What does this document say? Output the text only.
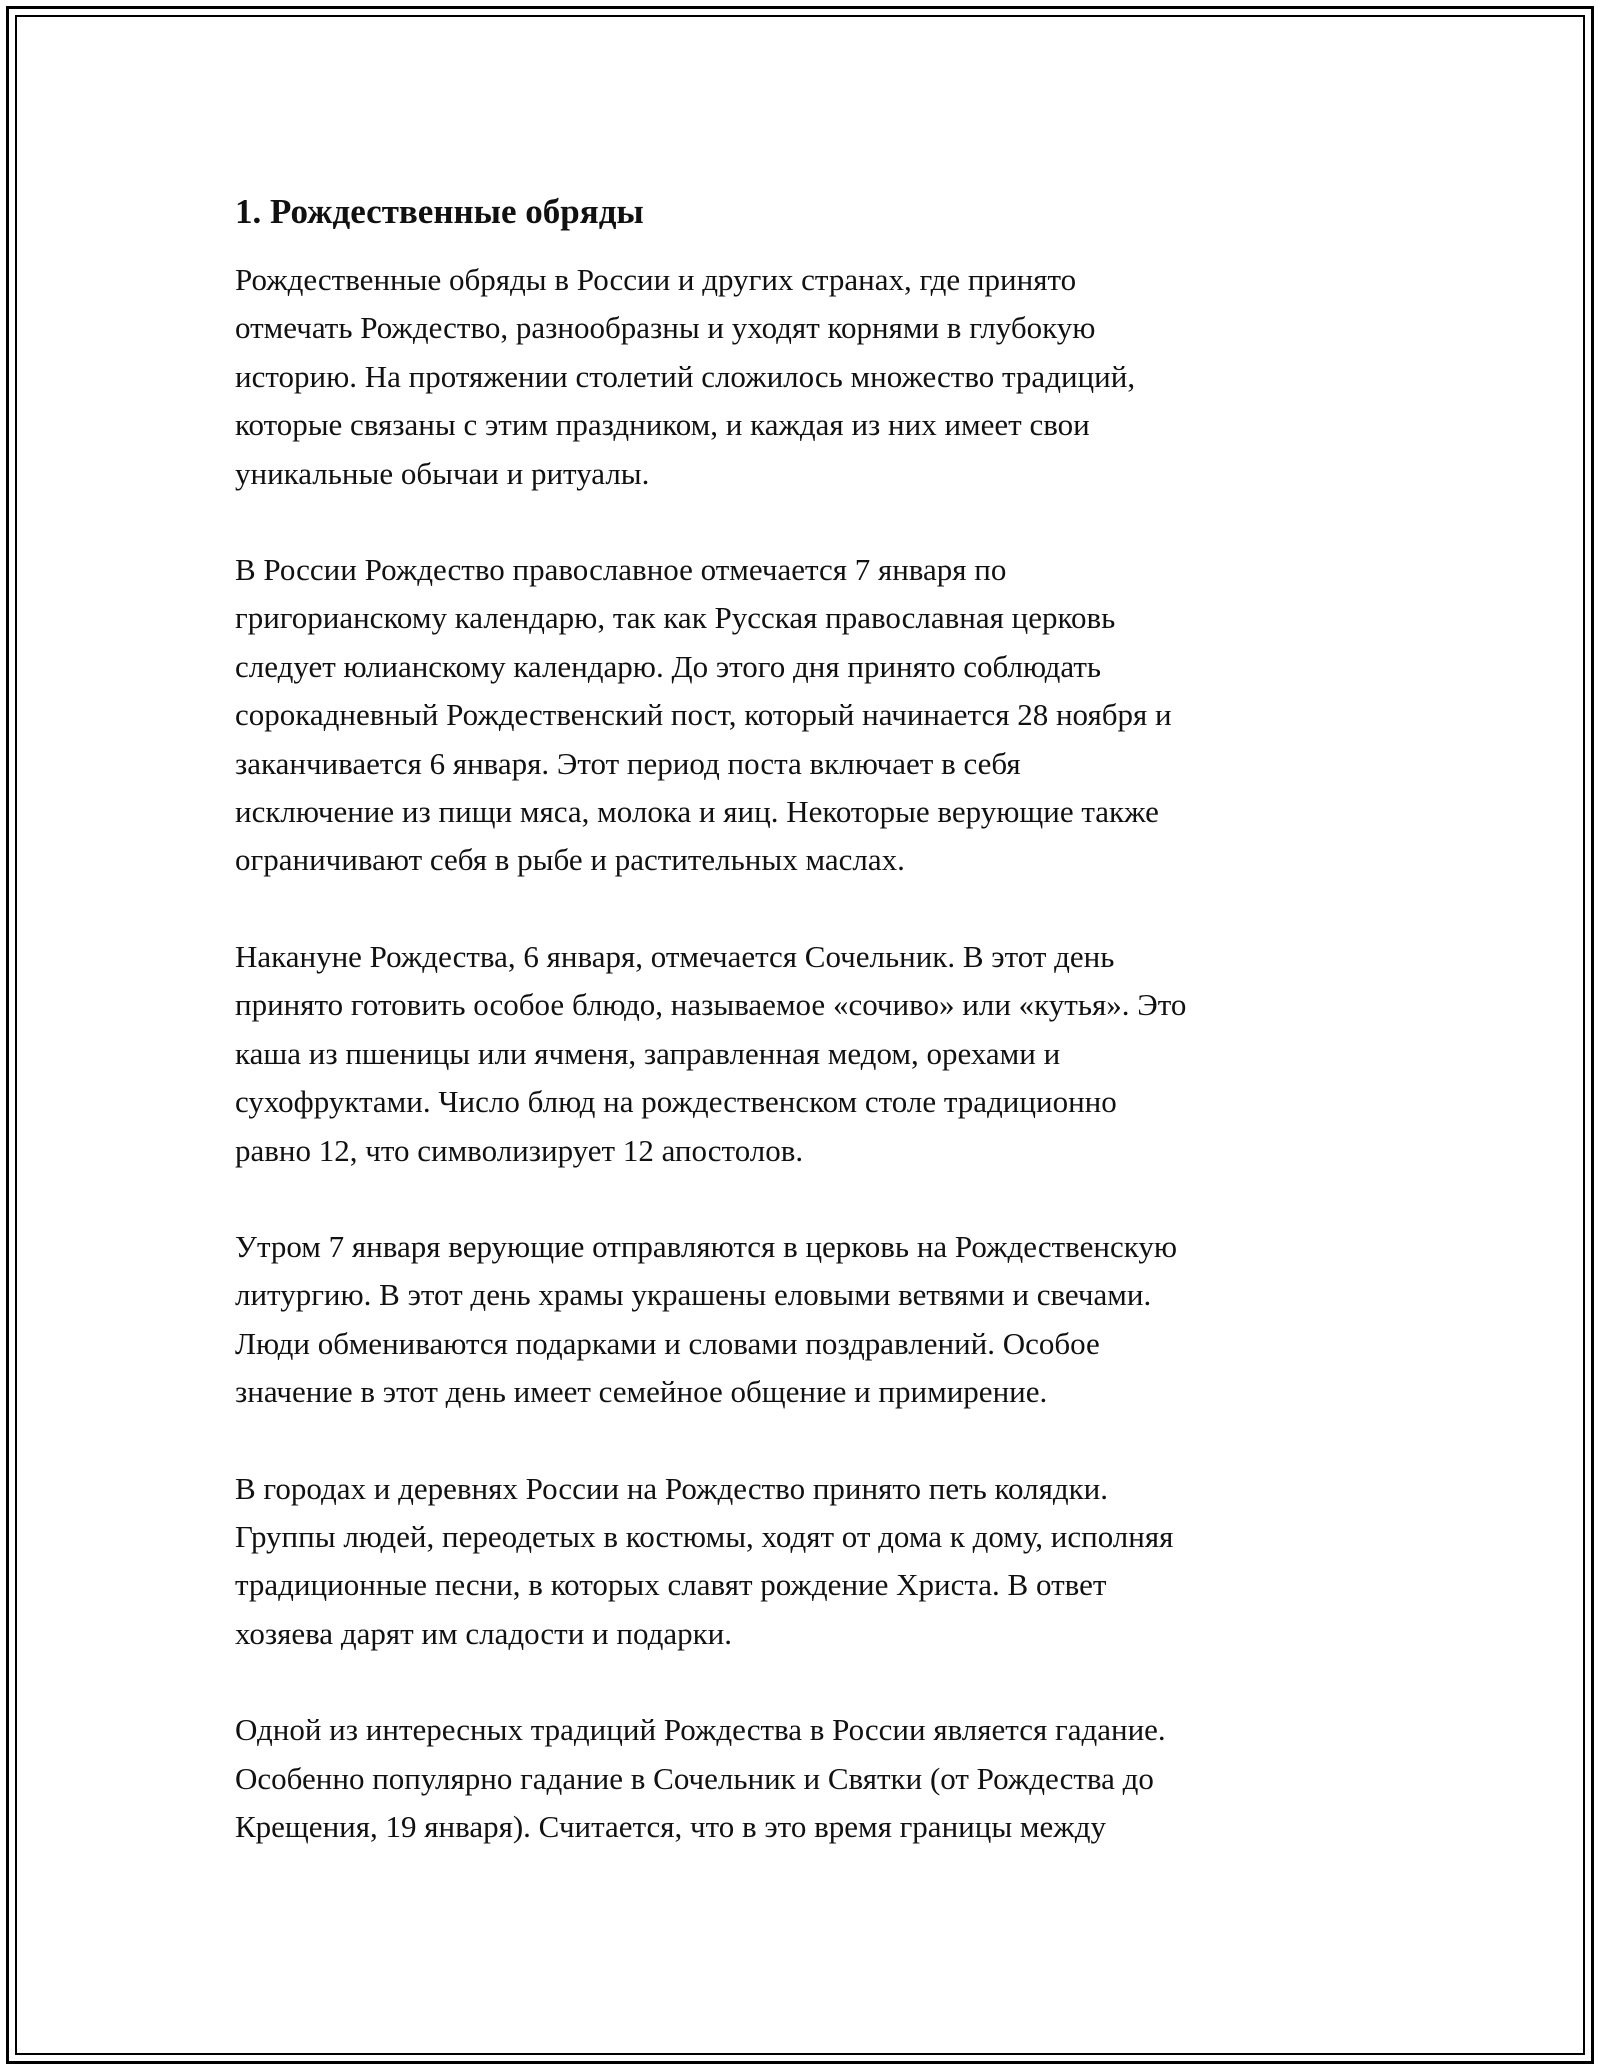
1. Рождественные обряды
Рождественные обряды в России и других странах, где принято
отмечать Рождество, разнообразны и уходят корнями в глубокую
историю. На протяжении столетий сложилось множество традиций,
которые связаны с этим праздником, и каждая из них имеет свои
уникальные обычаи и ритуалы.
В России Рождество православное отмечается 7 января по
григорианскому календарю, так как Русская православная церковь
следует юлианскому календарю. До этого дня принято соблюдать
сорокадневный Рождественский пост, который начинается 28 ноября и
заканчивается 6 января. Этот период поста включает в себя
исключение из пищи мяса, молока и яиц. Некоторые верующие также
ограничивают себя в рыбе и растительных маслах.
Накануне Рождества, 6 января, отмечается Сочельник. В этот день
принято готовить особое блюдо, называемое «сочиво» или «кутья». Это
каша из пшеницы или ячменя, заправленная медом, орехами и
сухофруктами. Число блюд на рождественском столе традиционно
равно 12, что символизирует 12 апостолов.
Утром 7 января верующие отправляются в церковь на Рождественскую
литургию. В этот день храмы украшены еловыми ветвями и свечами.
Люди обмениваются подарками и словами поздравлений. Особое
значение в этот день имеет семейное общение и примирение.
В городах и деревнях России на Рождество принято петь колядки.
Группы людей, переодетых в костюмы, ходят от дома к дому, исполняя
традиционные песни, в которых славят рождение Христа. В ответ
хозяева дарят им сладости и подарки.
Одной из интересных традиций Рождества в России является гадание.
Особенно популярно гадание в Сочельник и Святки (от Рождества до
Крещения, 19 января). Считается, что в это время границы между
